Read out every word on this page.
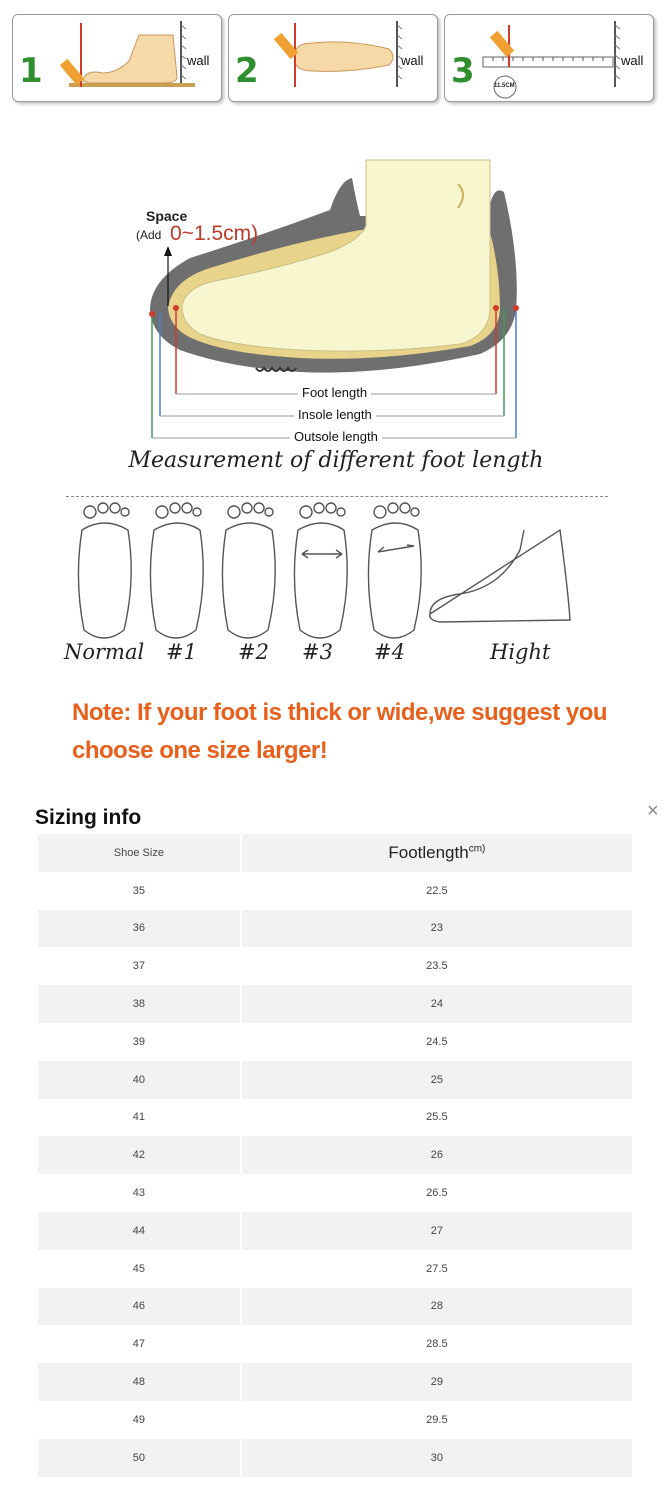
1	wall 2	wall 3	wall
11.5CM
Space
(Add 0~1.5cm)
Foot length
Insole length
Outsole length
Measurement of different foot length
Normal #1 #2 #3 #4	Hight
Note: If your foot is thick or wide,we suggest you
choose one size larger!
Sizing info	×
Shoe Size	Footlength$^{cm)}$
35	22.5
36	23
37	23.5
38	24
39	24.5
40	25
41	25.5
42	26
43	26.5
44	27
45	27.5
46	28
47	28.5
48	29
49	29.5
50	30
